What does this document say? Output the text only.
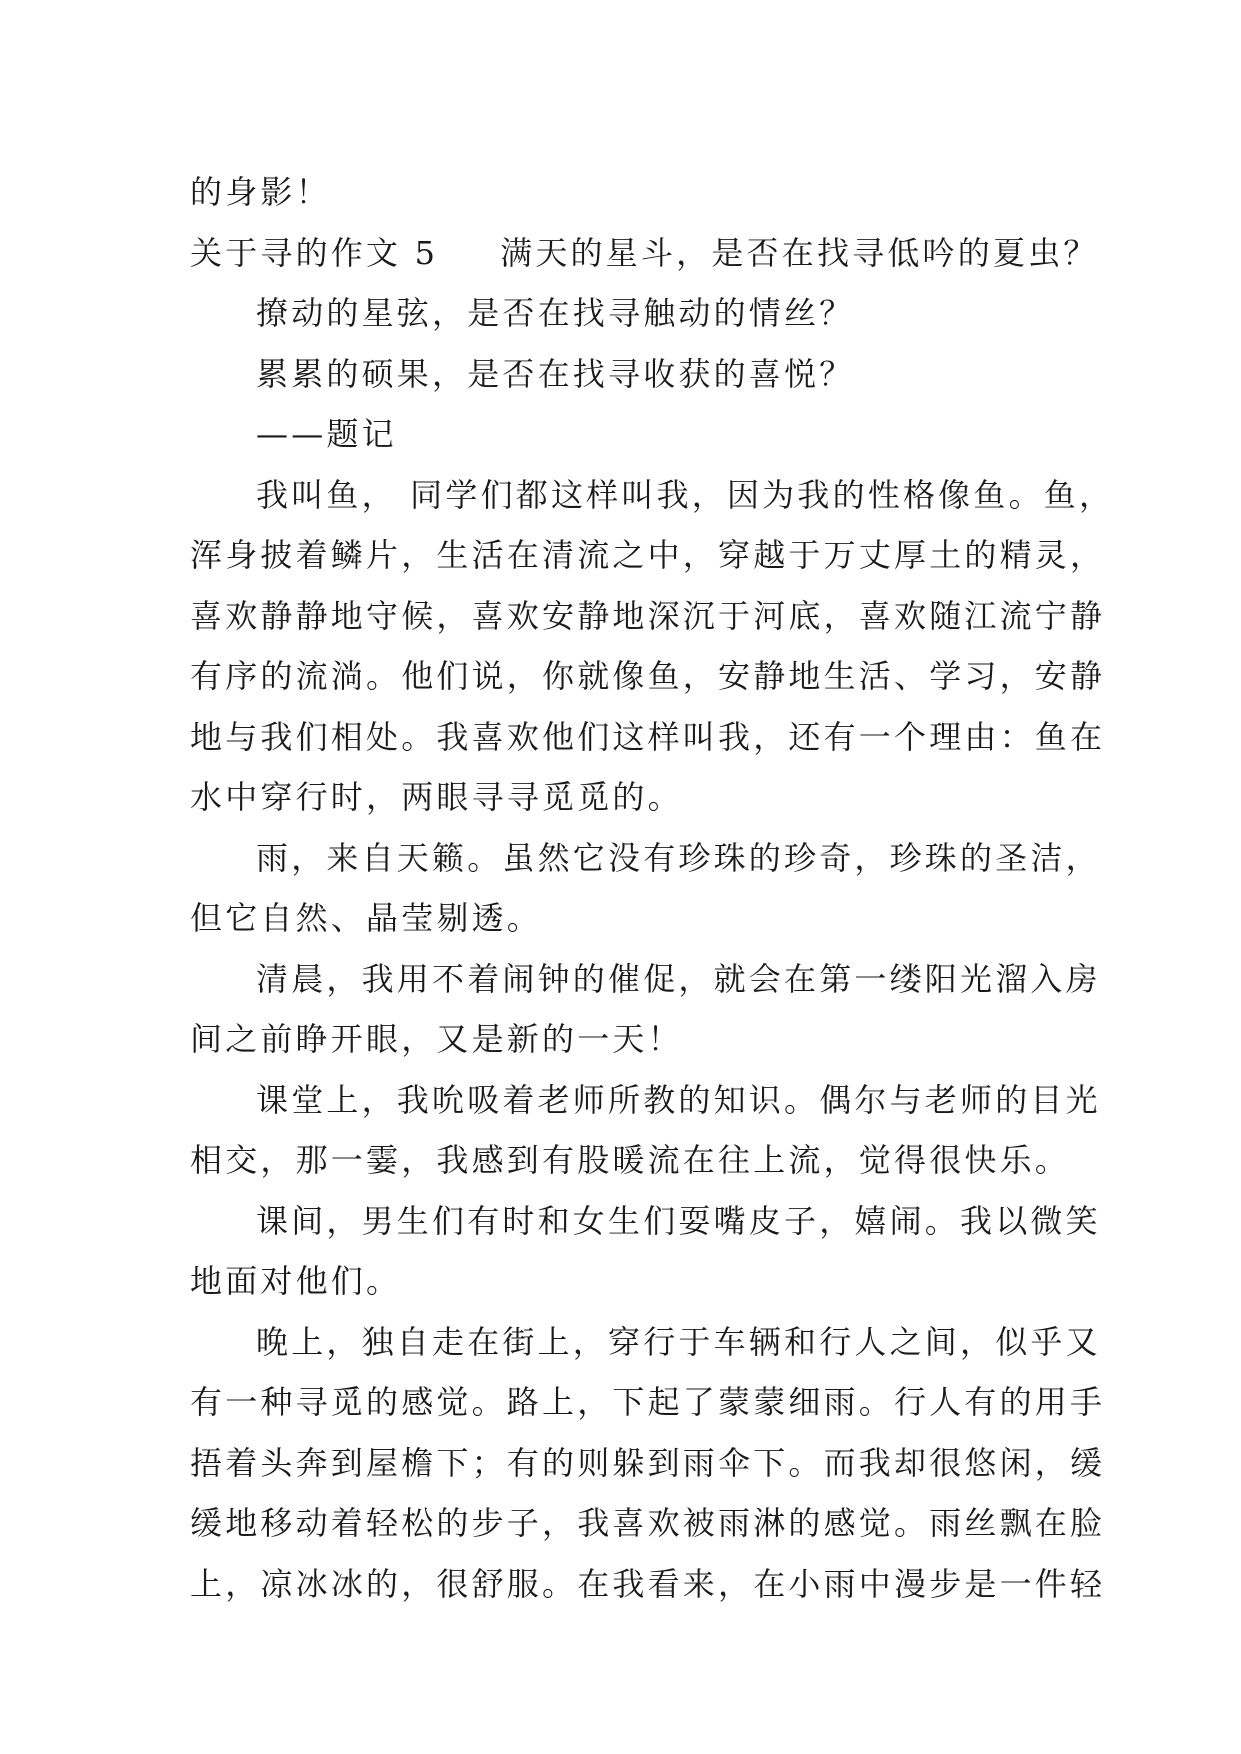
的身影！
关于寻的作文 5 满天的星斗，是否在找寻低吟的夏虫？
撩动的星弦，是否在找寻触动的情丝？
累累的硕果，是否在找寻收获的喜悦？
——题记
我叫鱼， 同学们都这样叫我，因为我的性格像鱼。鱼，
浑身披着鳞片，生活在清流之中，穿越于万丈厚土的精灵，
喜欢静静地守候，喜欢安静地深沉于河底，喜欢随江流宁静
有序的流淌。他们说，你就像鱼，安静地生活、学习，安静
地与我们相处。我喜欢他们这样叫我，还有一个理由：鱼在
水中穿行时，两眼寻寻觅觅的。
雨，来自天籁。虽然它没有珍珠的珍奇，珍珠的圣洁，
但它自然、晶莹剔透。
清晨，我用不着闹钟的催促，就会在第一缕阳光溜入房
间之前睁开眼，又是新的一天！
课堂上，我吮吸着老师所教的知识。偶尔与老师的目光
相交，那一霎，我感到有股暖流在往上流，觉得很快乐。
课间，男生们有时和女生们耍嘴皮子，嬉闹。我以微笑
地面对他们。
晚上，独自走在街上，穿行于车辆和行人之间，似乎又
有一种寻觅的感觉。路上，下起了蒙蒙细雨。行人有的用手
捂着头奔到屋檐下；有的则躲到雨伞下。而我却很悠闲，缓
缓地移动着轻松的步子，我喜欢被雨淋的感觉。雨丝飘在脸
上，凉冰冰的，很舒服。在我看来，在小雨中漫步是一件轻
